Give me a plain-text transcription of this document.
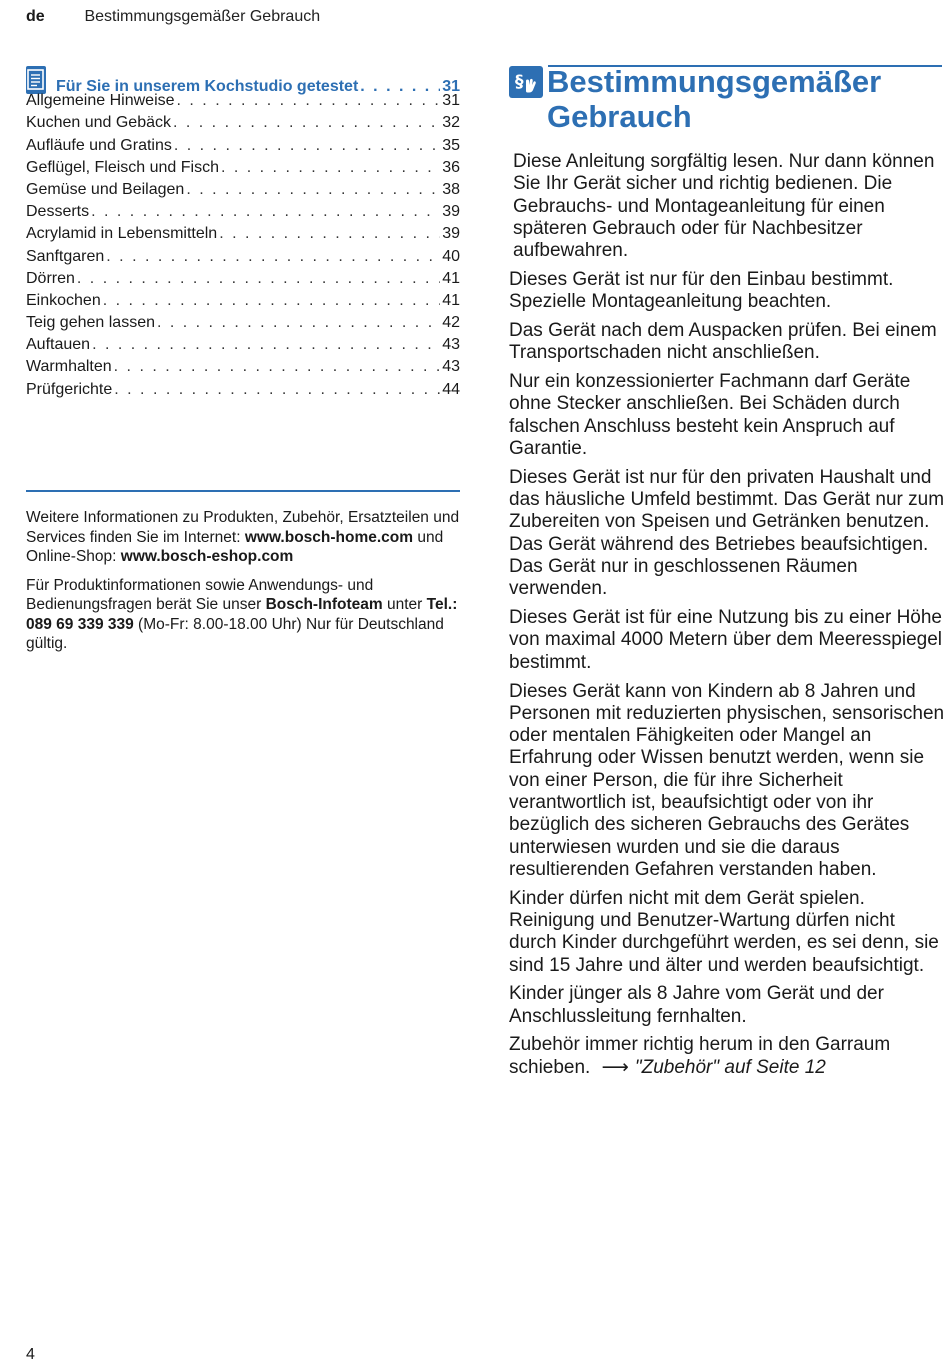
de Bestimmungsgemäßer Gebrauch
Für Sie in unserem Kochstudio getestet . . .	31
Allgemeine Hinweise . . .	31
Kuchen und Gebäck . . .	32
Aufläufe und Gratins . . .	35
Geflügel, Fleisch und Fisch . . .	36
Gemüse und Beilagen . . .	38
Desserts . . .	39
Acrylamid in Lebensmitteln . . .	39
Sanftgaren . . .	40
Dörren . . .	41
Einkochen . . .	41
Teig gehen lassen . . .	42
Auftauen . . .	43
Warmhalten . . .	43
Prüfgerichte . . .	44

Weitere Informationen zu Produkten, Zubehör, Ersatzteilen und Services finden Sie im Internet: www.bosch-home.com und Online-Shop: www.bosch-eshop.com

Für Produktinformationen sowie Anwendungs- und Bedienungsfragen berät Sie unser Bosch-Infoteam unter Tel.: 089 69 339 339 (Mo-Fr: 8.00-18.00 Uhr) Nur für Deutschland gültig.

§ Bestimmungsgemäßer Gebrauch

Diese Anleitung sorgfältig lesen. Nur dann können Sie Ihr Gerät sicher und richtig bedienen. Die Gebrauchs- und Montageanleitung für einen späteren Gebrauch oder für Nachbesitzer aufbewahren.

Dieses Gerät ist nur für den Einbau bestimmt. Spezielle Montageanleitung beachten.

Das Gerät nach dem Auspacken prüfen. Bei einem Transportschaden nicht anschließen.

Nur ein konzessionierter Fachmann darf Geräte ohne Stecker anschließen. Bei Schäden durch falschen Anschluss besteht kein Anspruch auf Garantie.

Dieses Gerät ist nur für den privaten Haushalt und das häusliche Umfeld bestimmt. Das Gerät nur zum Zubereiten von Speisen und Getränken benutzen. Das Gerät während des Betriebes beaufsichtigen. Das Gerät nur in geschlossenen Räumen verwenden.

Dieses Gerät ist für eine Nutzung bis zu einer Höhe von maximal 4000 Metern über dem Meeresspiegel bestimmt.

Dieses Gerät kann von Kindern ab 8 Jahren und Personen mit reduzierten physischen, sensorischen oder mentalen Fähigkeiten oder Mangel an Erfahrung oder Wissen benutzt werden, wenn sie von einer Person, die für ihre Sicherheit verantwortlich ist, beaufsichtigt oder von ihr bezüglich des sicheren Gebrauchs des Gerätes unterwiesen wurden und sie die daraus resultierenden Gefahren verstanden haben.

Kinder dürfen nicht mit dem Gerät spielen. Reinigung und Benutzer-Wartung dürfen nicht durch Kinder durchgeführt werden, es sei denn, sie sind 15 Jahre und älter und werden beaufsichtigt.

Kinder jünger als 8 Jahre vom Gerät und der Anschlussleitung fernhalten.

Zubehör immer richtig herum in den Garraum schieben. ⟶ "Zubehör" auf Seite 12

4
